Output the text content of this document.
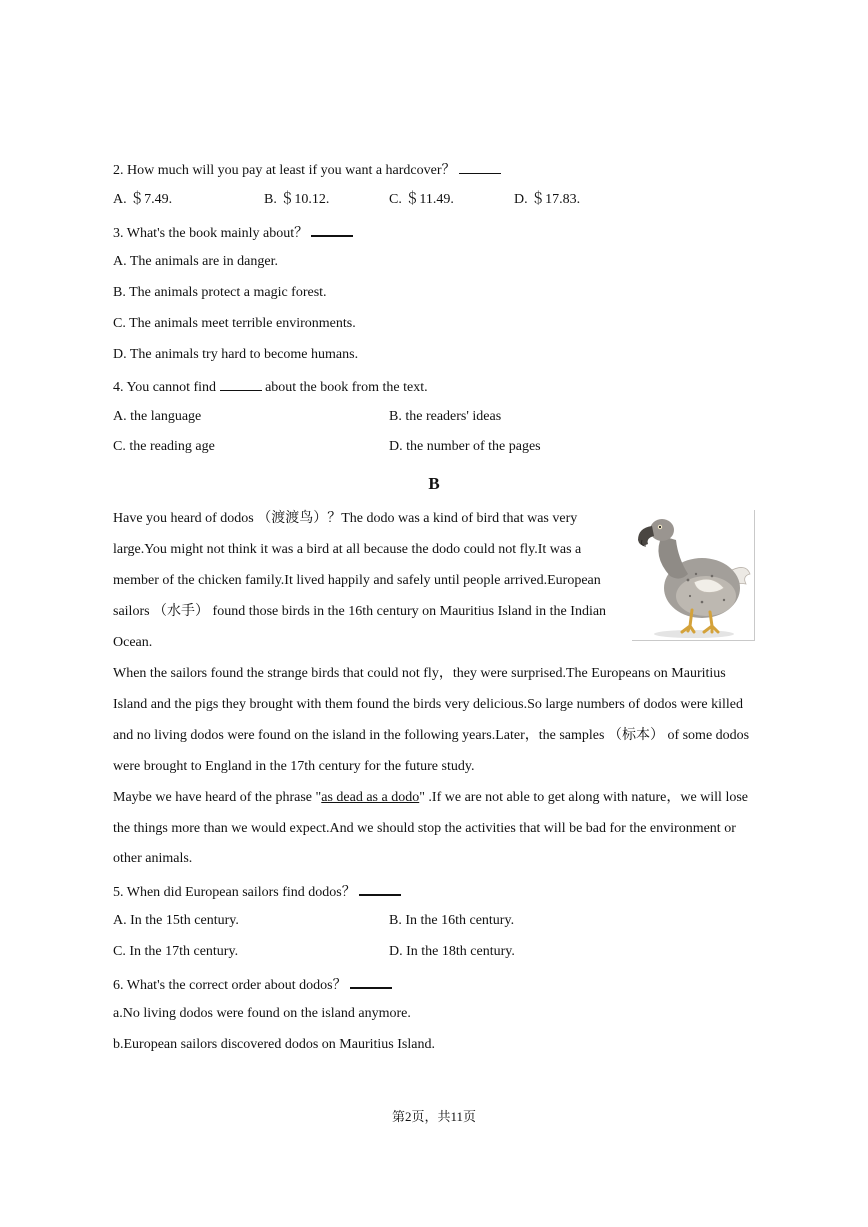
2. How much will you pay at least if you want a hardcover？
A. ＄7.49.	B. ＄10.12.	C. ＄11.49.	D. ＄17.83.
3. What's the book mainly about？
A. The animals are in danger.
B. The animals protect a magic forest.
C. The animals meet terrible environments.
D. The animals try hard to become humans.
4. You cannot find	about the book from the text.
A. the language	B. the readers' ideas
C. the reading age	D. the number of the pages
B
Have you heard of dodos （渡渡鸟）？The dodo was a kind of bird that was very
large.You might not think it was a bird at all because the dodo could not fly.It was a
member of the chicken family.It lived happily and safely until people arrived.European
sailors （水手） found those birds in the 16th century on Mauritius Island in the Indian
Ocean.
When the sailors found the strange birds that could not fly，they were surprised.The Europeans on Mauritius
Island and the pigs they brought with them found the birds very delicious.So large numbers of dodos were killed
and no living dodos were found on the island in the following years.Later，the samples （标本） of some dodos
were brought to England in the 17th century for the future study.
Maybe we have heard of the phrase "as dead as a dodo" .If we are not able to get along with nature，we will lose
the things more than we would expect.And we should stop the activities that will be bad for the environment or
other animals.
5. When did European sailors find dodos？
A. In the 15th century.	B. In the 16th century.
C. In the 17th century.	D. In the 18th century.
6. What's the correct order about dodos？
a.No living dodos were found on the island anymore.
b.European sailors discovered dodos on Mauritius Island.
第2页，共11页
